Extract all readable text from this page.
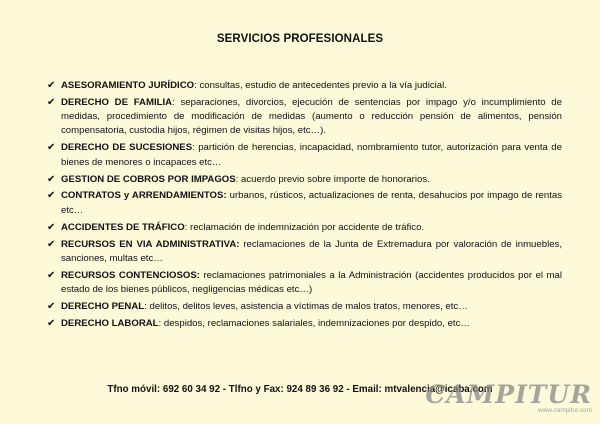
SERVICIOS PROFESIONALES
✔ ASESORAMIENTO JURÍDICO: consultas, estudio de antecedentes previo a la vía judicial.
✔ DERECHO DE FAMILIA: separaciones, divorcios, ejecución de sentencias por impago y/o incumplimiento de medidas, procedimiento de modificación de medidas (aumento o reducción pensión de alimentos, pensión compensatoria, custodia hijos, régimen de visitas hijos, etc…).
✔ DERECHO DE SUCESIONES: partición de herencias, incapacidad, nombramiento tutor, autorización para venta de bienes de menores o incapaces etc…
✔ GESTION DE COBROS POR IMPAGOS: acuerdo previo sobre importe de honorarios.
✔ CONTRATOS y ARRENDAMIENTOS: urbanos, rústicos, actualizaciones de renta, desahucios por impago de rentas etc…
✔ ACCIDENTES DE TRÁFICO: reclamación de indemnización por accidente de tráfico.
✔ RECURSOS EN VIA ADMINISTRATIVA: reclamaciones de la Junta de Extremadura por valoración de inmuebles, sanciones, multas etc…
✔ RECURSOS CONTENCIOSOS: reclamaciones patrimoniales a la Administración (accidentes producidos por el mal estado de los bienes públicos, negligencias médicas etc…)
✔ DERECHO PENAL: delitos, delitos leves, asistencia a víctimas de malos tratos, menores, etc…
✔ DERECHO LABORAL: despidos, reclamaciones salariales, indemnizaciones por despido, etc…
Tfno móvil: 692 60 34 92 - Tlfno y Fax: 924 89 36 92 - Email: mtvalencia@icaba.com
CAMPITUR
www.campitur.com
